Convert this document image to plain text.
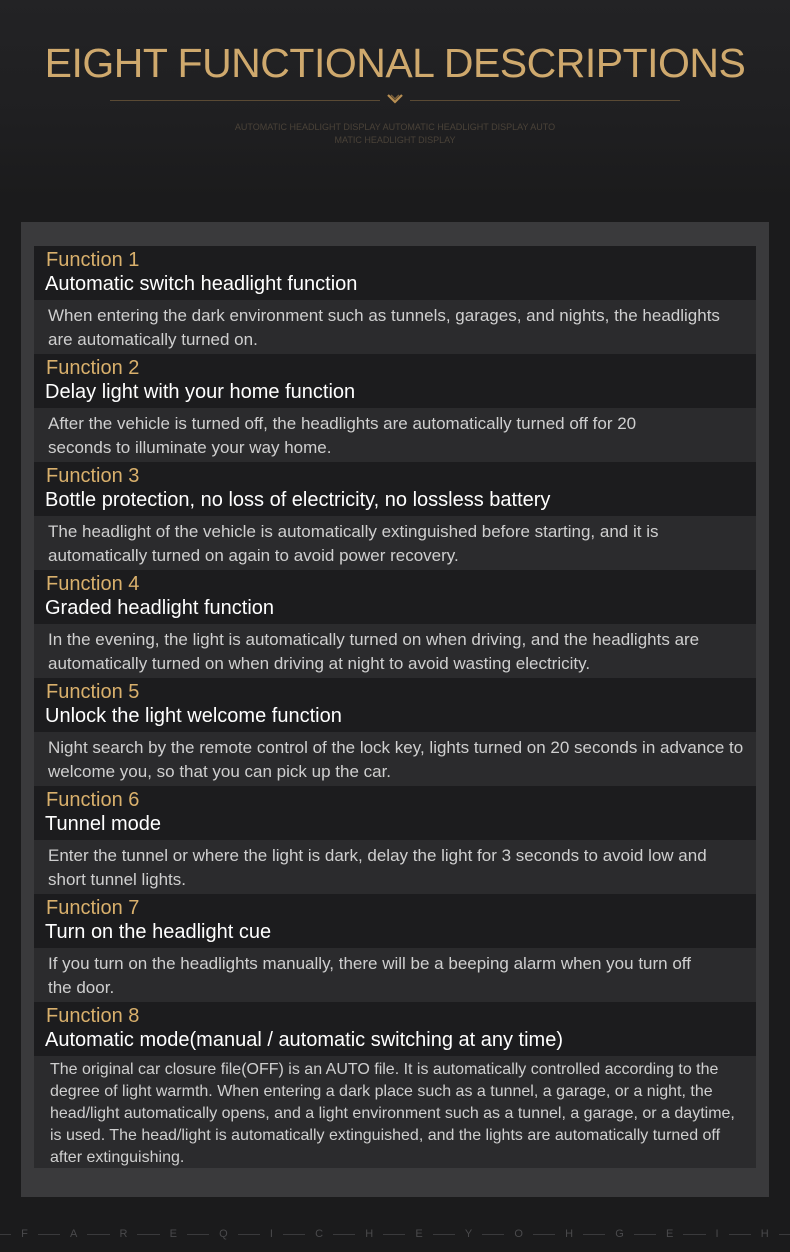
EIGHT FUNCTIONAL DESCRIPTIONS
AUTOMATIC HEADLIGHT DISPLAY AUTOMATIC HEADLIGHT DISPLAY AUTO
MATIC HEADLIGHT DISPLAY
Function 1
Automatic switch headlight function
When entering the dark environment such as tunnels, garages, and nights, the headlights are automatically turned on.
Function 2
Delay light with your home function
After the vehicle is turned off, the headlights are automatically turned off for 20 seconds to illuminate your way home.
Function 3
Bottle protection, no loss of electricity, no lossless battery
The headlight of the vehicle is automatically extinguished before starting, and it is automatically turned on again to avoid power recovery.
Function 4
Graded headlight function
In the evening, the light is automatically turned on when driving, and the headlights are automatically turned on when driving at night to avoid wasting electricity.
Function 5
Unlock the light welcome function
Night search by the remote control of the lock key, lights turned on 20 seconds in advance to welcome you, so that you can pick up the car.
Function 6
Tunnel mode
Enter the tunnel or where the light is dark, delay the light for 3 seconds to avoid low and short tunnel lights.
Function 7
Turn on the headlight cue
If you turn on the headlights manually, there will be a beeping alarm when you turn off the door.
Function 8
Automatic mode(manual / automatic switching at any time)
The original car closure file(OFF) is an AUTO file. It is automatically controlled according to the degree of light warmth. When entering a dark place such as a tunnel, a garage, or a night, the head/light automatically opens, and a light environment such as a tunnel, a garage, or a daytime, is used. The head/light is automatically extinguished, and the lights are automatically turned off after extinguishing.
F	A	R	E	Q	I	C	H	E	Y	O	H	G	E	I	H
